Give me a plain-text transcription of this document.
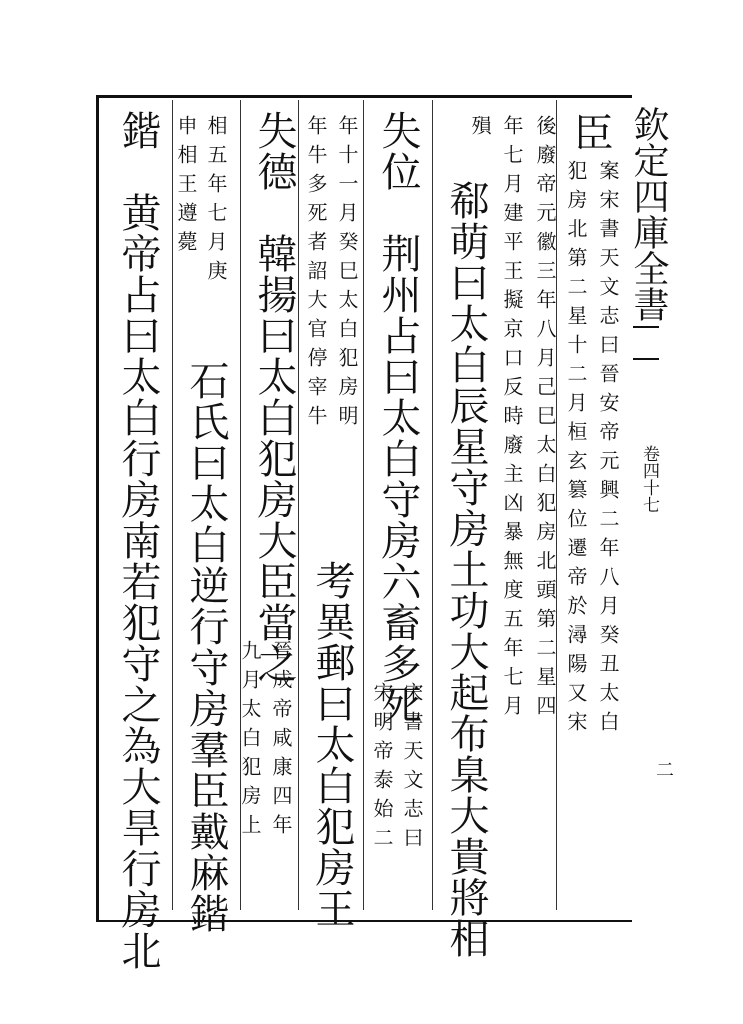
欽定四庫全書
卷四十七
二
臣
案宋書天文志曰晉安帝元興二年八月癸丑太白
犯房北第二星十二月桓玄篡位遷帝於潯陽又宋
後廢帝元徽三年八月己巳太白犯房北頭第二星四
年七月建平王擬京口反時廢主凶暴無度五年七月
殞
郗萌曰太白辰星守房土功大起布臬大貴將相
失位　荆州占曰太白守房六畜多死
宋書天文志曰
宋明帝泰始二
年十一月癸巳太白犯房明
年牛多死者詔大官停宰牛
考異郵曰太白犯房王
失德　韓揚曰太白犯房大臣當之
晉成帝咸康四年
九月太白犯房上
相五年七月庚
石氏曰太白逆行守房羣臣戴麻鍇
申相王遵薨
鍇　黄帝占曰太白行房南若犯守之為大旱行房北
